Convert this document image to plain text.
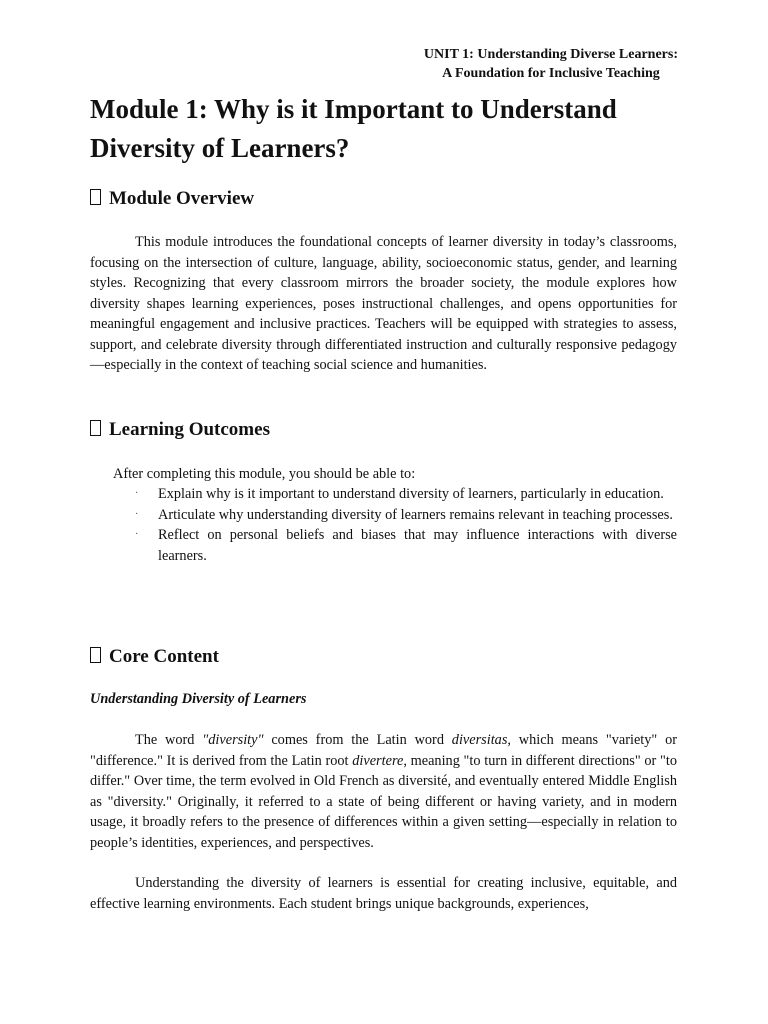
UNIT 1: Understanding Diverse Learners:
A Foundation for Inclusive Teaching
Module 1: Why is it Important to Understand Diversity of Learners?
Module Overview

This module introduces the foundational concepts of learner diversity in today’s classrooms, focusing on the intersection of culture, language, ability, socioeconomic status, gender, and learning styles. Recognizing that every classroom mirrors the broader society, the module explores how diversity shapes learning experiences, poses instructional challenges, and opens opportunities for meaningful engagement and inclusive practices. Teachers will be equipped with strategies to assess, support, and celebrate diversity through differentiated instruction and culturally responsive pedagogy—especially in the context of teaching social science and humanities.

Learning Outcomes

After completing this module, you should be able to:

· Explain why is it important to understand diversity of learners, particularly in education.
· Articulate why understanding diversity of learners remains relevant in teaching processes.
· Reflect on personal beliefs and biases that may influence interactions with diverse learners.
Core Content

Understanding Diversity of Learners

The word "diversity" comes from the Latin word diversitas, which means "variety" or "difference." It is derived from the Latin root divertere, meaning "to turn in different directions" or "to differ." Over time, the term evolved in Old French as diversité, and eventually entered Middle English as "diversity." Originally, it referred to a state of being different or having variety, and in modern usage, it broadly refers to the presence of differences within a given setting—especially in relation to people’s identities, experiences, and perspectives.

Understanding the diversity of learners is essential for creating inclusive, equitable, and effective learning environments. Each student brings unique backgrounds, experiences,
